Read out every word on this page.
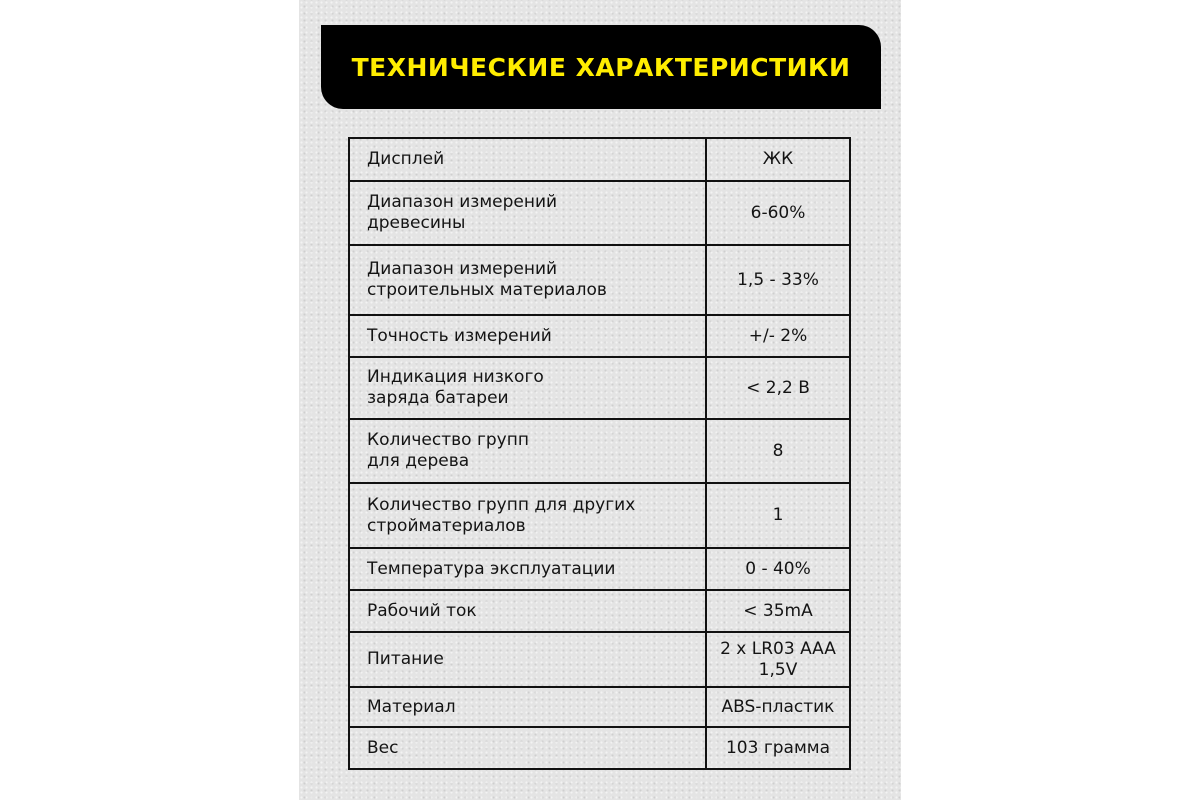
ТЕХНИЧЕСКИЕ ХАРАКТЕРИСТИКИ
Дисплей	ЖК
Диапазон измерений
древесины	6-60%
Диапазон измерений
строительных материалов	1,5 - 33%
Точность измерений	+/- 2%
Индикация низкого
заряда батареи	< 2,2 В
Количество групп
для дерева	8
Количество групп для других
стройматериалов	1
Температура эксплуатации	0 - 40%
Рабочий ток	< 35mA
Питание	2 x LR03 AAA
1,5V
Материал	ABS-пластик
Вес	103 грамма
